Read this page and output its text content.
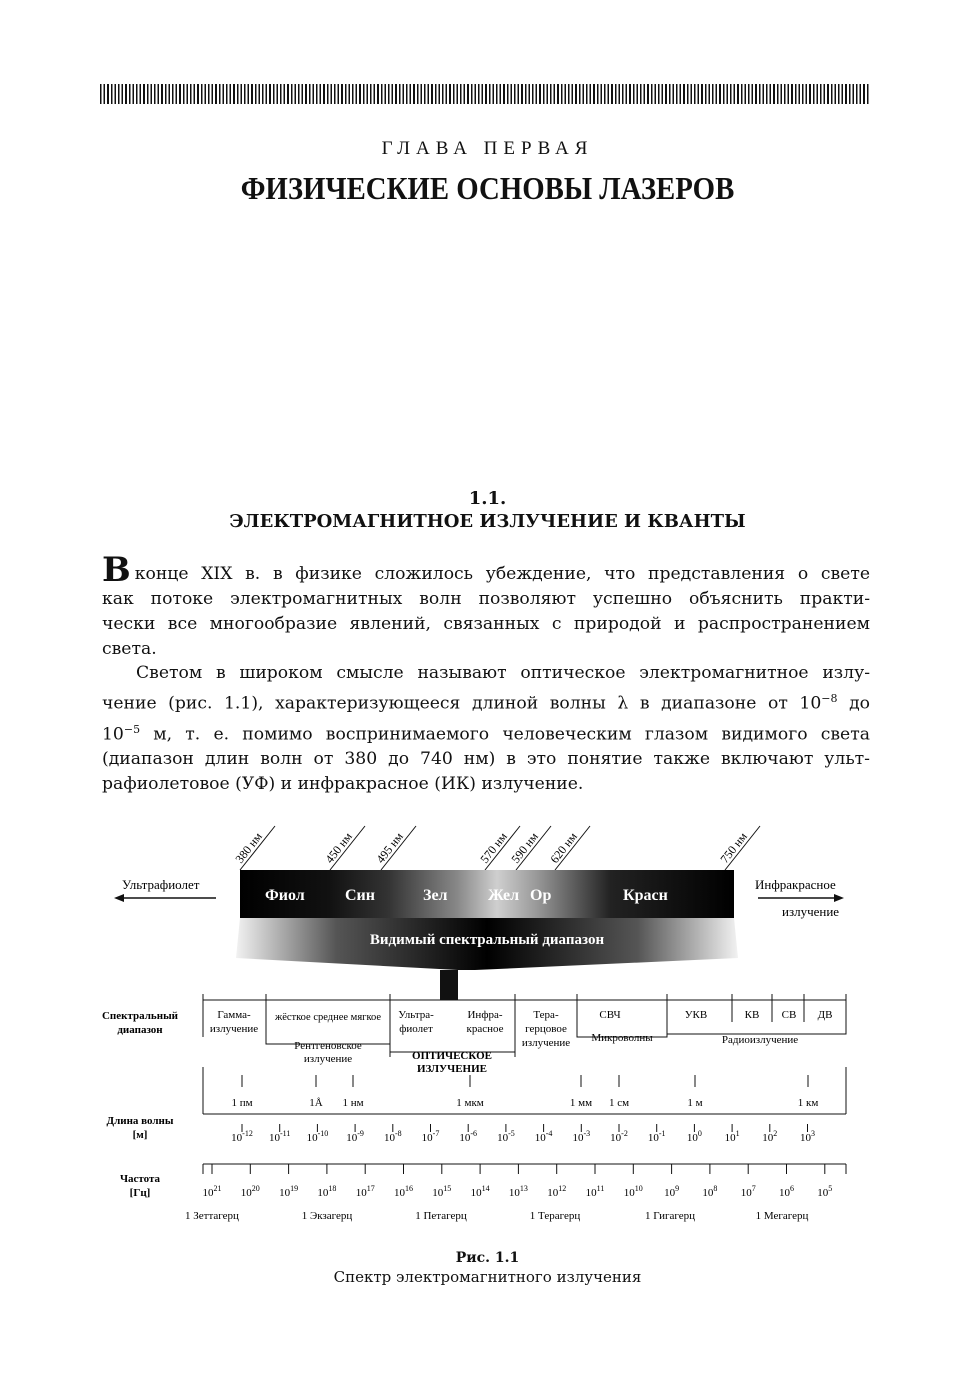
ГЛАВА ПЕРВАЯ
ФИЗИЧЕСКИЕ ОСНОВЫ ЛАЗЕРОВ
1.1.
ЭЛЕКТРОМАГНИТНОЕ ИЗЛУЧЕНИЕ И КВАНТЫ
Вконце XIX в. в физике сложилось убеждение, что представления о свете
как потоке электромагнитных волн позволяют успешно объяснить практи-
чески все многообразие явлений, связанных с природой и распространением
света.
Светом в широком смысле называют оптическое электромагнитное излу-
чение (рис. 1.1), характеризующееся длиной волны λ в диапазоне от $10^{-8}$ до
$10^{-5}$ м, т. е. помимо воспринимаемого человеческим глазом видимого света
(диапазон длин волн от 380 до 740 нм) в это понятие также включают ульт-
рафиолетовое (УФ) и инфракрасное (ИК) излучение.
380 нм	450 нм 495 нм	570 нм
590 нм 620 нм	750 нм
Ультрафиолет	Инфракрасное
излучение
Фиол	Син	Зел	Жел Ор	Красн
Видимый спектральный диапазон
Спектральный
диапазон
Длина волны
[м]
Частота
[Гц]
Гамма-
излучение
жёсткое среднее мягкое
Рентгеновское
излучение
Ультра-
фиолет
Инфра-
красное
Тера-
герцовое
излучение
СВЧ
Микроволны
УКВ	КВ СВ ДВ
Радиоизлучение
ОПТИЧЕСКОЕ
ИЗЛУЧЕНИЕ
1 пм	1Å 1 нм	1 мкм	1 мм 1 см	1 м	1 км
$10^{-12}$ $10^{-11}$ $10^{-10}$ $10^{-9}$ $10^{-8}$ $10^{-7}$ $10^{-6}$ $10^{-5}$ $10^{-4}$ $10^{-3}$ $10^{-2}$ $10^{-1}$ $10^0$ $10^1$ $10^2$ $10^3$
$10^{21}$ $10^{20}$ $10^{19}$ $10^{18}$ $10^{17}$ $10^{16}$ $10^{15}$ $10^{14}$ $10^{13}$ $10^{12}$ $10^{11}$ $10^{10}$ $10^9$ $10^8$ $10^7$ $10^6$ $10^5$
1 Зеттагерц	1 Экзагерц	1 Петагерц	1 Терагерц	1 Гигагерц	1 Мегагерц
Рис. 1.1
Спектр электромагнитного излучения
